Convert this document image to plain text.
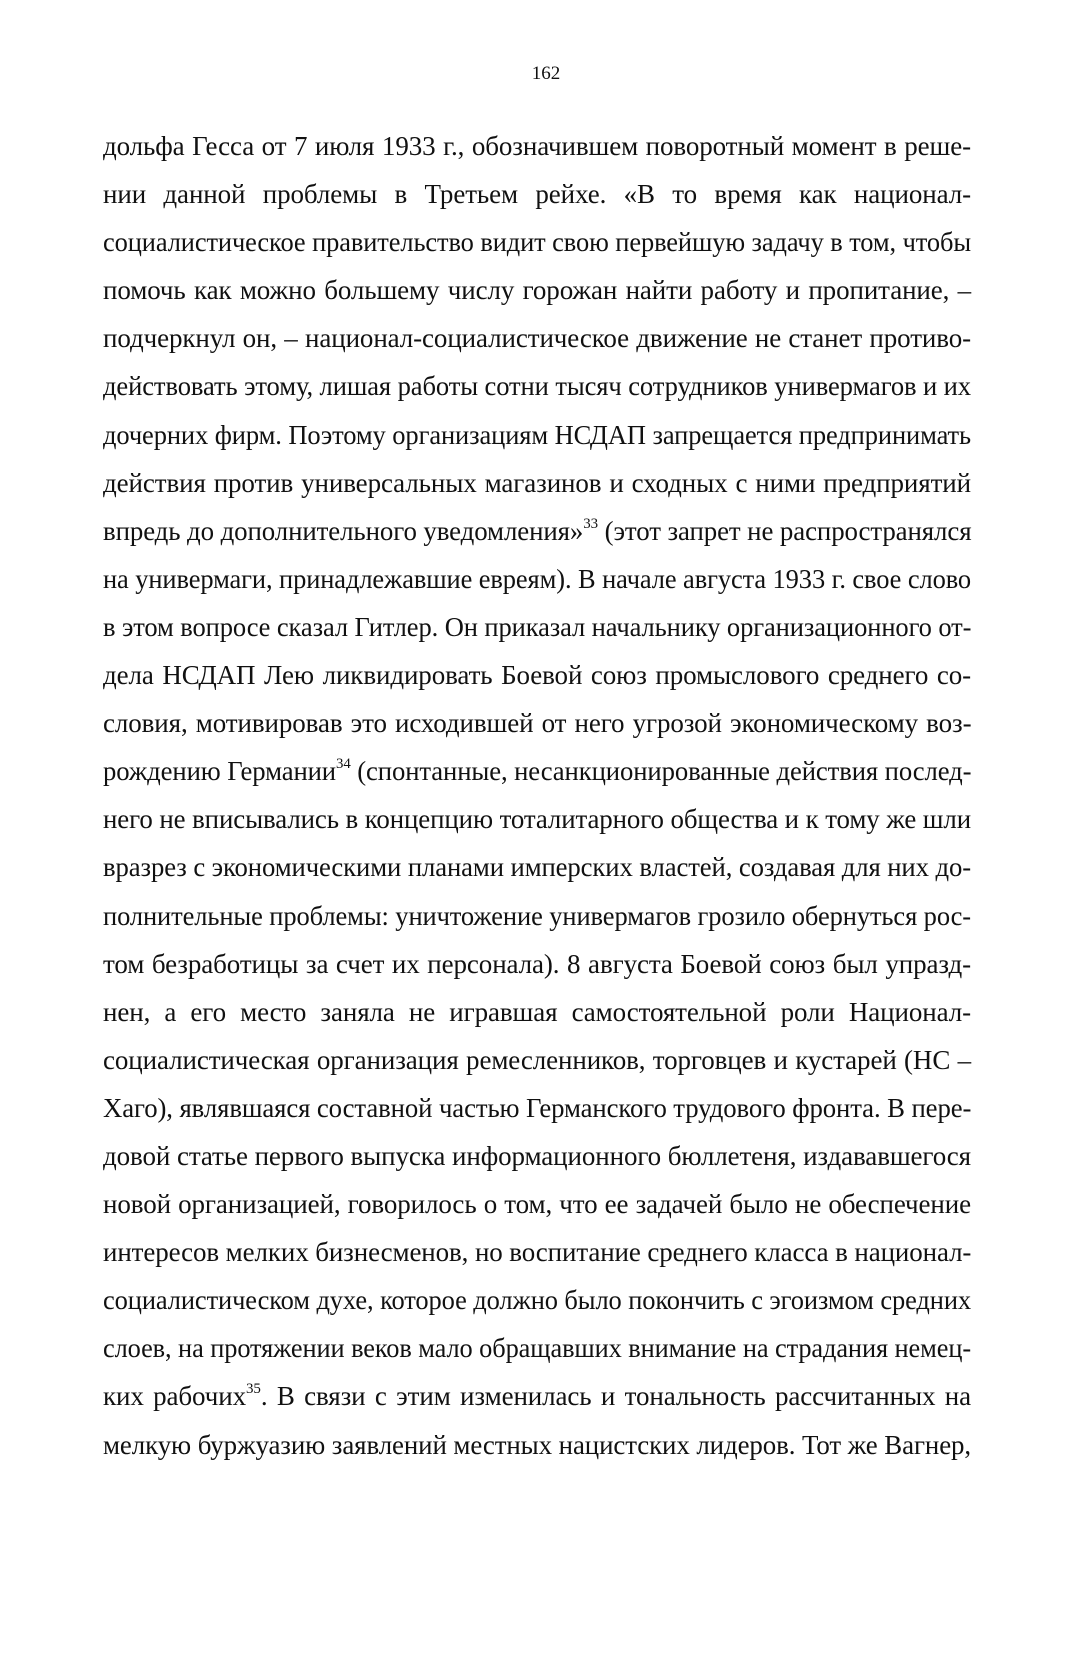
162
дольфа Гесса от 7 июля 1933 г., обозначившем поворотный момент в реше-
нии данной проблемы в Третьем рейхе. «В то время как национал-
социалистическое правительство видит свою первейшую задачу в том, чтобы
помочь как можно большему числу горожан найти работу и пропитание, –
подчеркнул он, – национал-социалистическое движение не станет противо-
действовать этому, лишая работы сотни тысяч сотрудников универмагов и их
дочерних фирм. Поэтому организациям НСДАП запрещается предпринимать
действия против универсальных магазинов и сходных с ними предприятий
впредь до дополнительного уведомления»$^{33}$ (этот запрет не распространялся
на универмаги, принадлежавшие евреям). В начале августа 1933 г. свое слово
в этом вопросе сказал Гитлер. Он приказал начальнику организационного от-
дела НСДАП Лею ликвидировать Боевой союз промыслового среднего со-
словия, мотивировав это исходившей от него угрозой экономическому воз-
рождению Германии$^{34}$ (спонтанные, несанкционированные действия послед-
него не вписывались в концепцию тоталитарного общества и к тому же шли
вразрез с экономическими планами имперских властей, создавая для них до-
полнительные проблемы: уничтожение универмагов грозило обернуться рос-
том безработицы за счет их персонала). 8 августа Боевой союз был упразд-
нен, а его место заняла не игравшая самостоятельной роли Национал-
социалистическая организация ремесленников, торговцев и кустарей (НС –
Хаго), являвшаяся составной частью Германского трудового фронта. В пере-
довой статье первого выпуска информационного бюллетеня, издававшегося
новой организацией, говорилось о том, что ее задачей было не обеспечение
интересов мелких бизнесменов, но воспитание среднего класса в национал-
социалистическом духе, которое должно было покончить с эгоизмом средних
слоев, на протяжении веков мало обращавших внимание на страдания немец-
ких рабочих$^{35}$. В связи с этим изменилась и тональность рассчитанных на
мелкую буржуазию заявлений местных нацистских лидеров. Тот же Вагнер,
